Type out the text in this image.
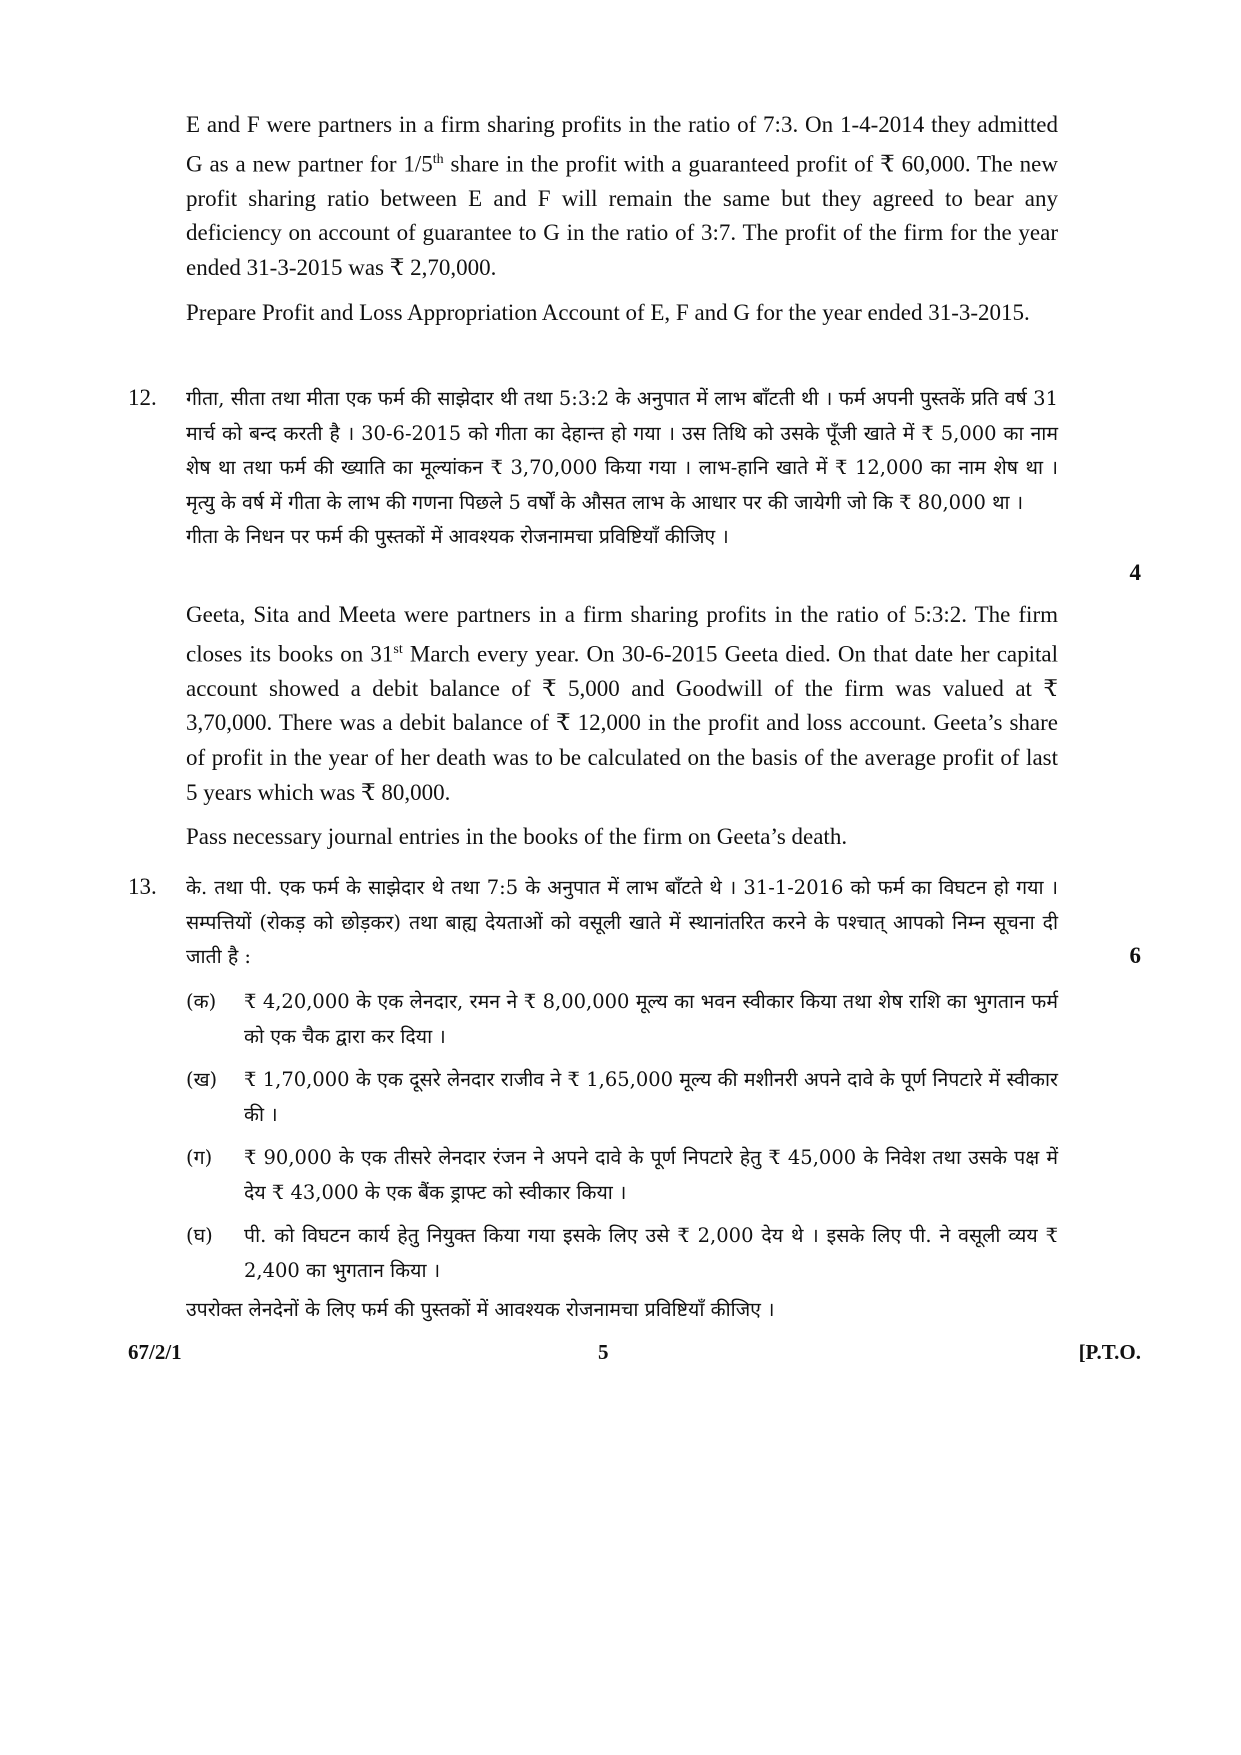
E and F were partners in a firm sharing profits in the ratio of 7:3. On 1-4-2014 they admitted G as a new partner for 1/5th share in the profit with a guaranteed profit of ₹ 60,000. The new profit sharing ratio between E and F will remain the same but they agreed to bear any deficiency on account of guarantee to G in the ratio of 3:7. The profit of the firm for the year ended 31-3-2015 was ₹ 2,70,000.

Prepare Profit and Loss Appropriation Account of E, F and G for the year ended 31-3-2015.

12. गीता, सीता तथा मीता एक फर्म की साझेदार थी तथा 5:3:2 के अनुपात में लाभ बाँटती थी । फर्म अपनी पुस्तकें प्रति वर्ष 31 मार्च को बन्द करती है । 30-6-2015 को गीता का देहान्त हो गया । उस तिथि को उसके पूँजी खाते में ₹ 5,000 का नाम शेष था तथा फर्म की ख्याति का मूल्यांकन ₹ 3,70,000 किया गया । लाभ-हानि खाते में ₹ 12,000 का नाम शेष था । मृत्यु के वर्ष में गीता के लाभ की गणना पिछले 5 वर्षों के औसत लाभ के आधार पर की जायेगी जो कि ₹ 80,000 था ।

गीता के निधन पर फर्म की पुस्तकों में आवश्यक रोजनामचा प्रविष्टियाँ कीजिए ।

4

Geeta, Sita and Meeta were partners in a firm sharing profits in the ratio of 5:3:2. The firm closes its books on 31st March every year. On 30-6-2015 Geeta died. On that date her capital account showed a debit balance of ₹ 5,000 and Goodwill of the firm was valued at ₹ 3,70,000. There was a debit balance of ₹ 12,000 in the profit and loss account. Geeta’s share of profit in the year of her death was to be calculated on the basis of the average profit of last 5 years which was ₹ 80,000.

Pass necessary journal entries in the books of the firm on Geeta’s death.

13. के. तथा पी. एक फर्म के साझेदार थे तथा 7:5 के अनुपात में लाभ बाँटते थे । 31-1-2016 को फर्म का विघटन हो गया । सम्पत्तियों (रोकड़ को छोड़कर) तथा बाह्य देयताओं को वसूली खाते में स्थानांतरित करने के पश्चात् आपको निम्न सूचना दी जाती है :	6
(क) ₹ 4,20,000 के एक लेनदार, रमन ने ₹ 8,00,000 मूल्य का भवन स्वीकार किया तथा शेष राशि का भुगतान फर्म को एक चैक द्वारा कर दिया ।
(ख) ₹ 1,70,000 के एक दूसरे लेनदार राजीव ने ₹ 1,65,000 मूल्य की मशीनरी अपने दावे के पूर्ण निपटारे में स्वीकार की ।
(ग) ₹ 90,000 के एक तीसरे लेनदार रंजन ने अपने दावे के पूर्ण निपटारे हेतु ₹ 45,000 के निवेश तथा उसके पक्ष में देय ₹ 43,000 के एक बैंक ड्राफ्ट को स्वीकार किया ।
(घ) पी. को विघटन कार्य हेतु नियुक्त किया गया इसके लिए उसे ₹ 2,000 देय थे । इसके लिए पी. ने वसूली व्यय ₹ 2,400 का भुगतान किया ।

उपरोक्त लेनदेनों के लिए फर्म की पुस्तकों में आवश्यक रोजनामचा प्रविष्टियाँ कीजिए ।

67/2/1	5	[P.T.O.
